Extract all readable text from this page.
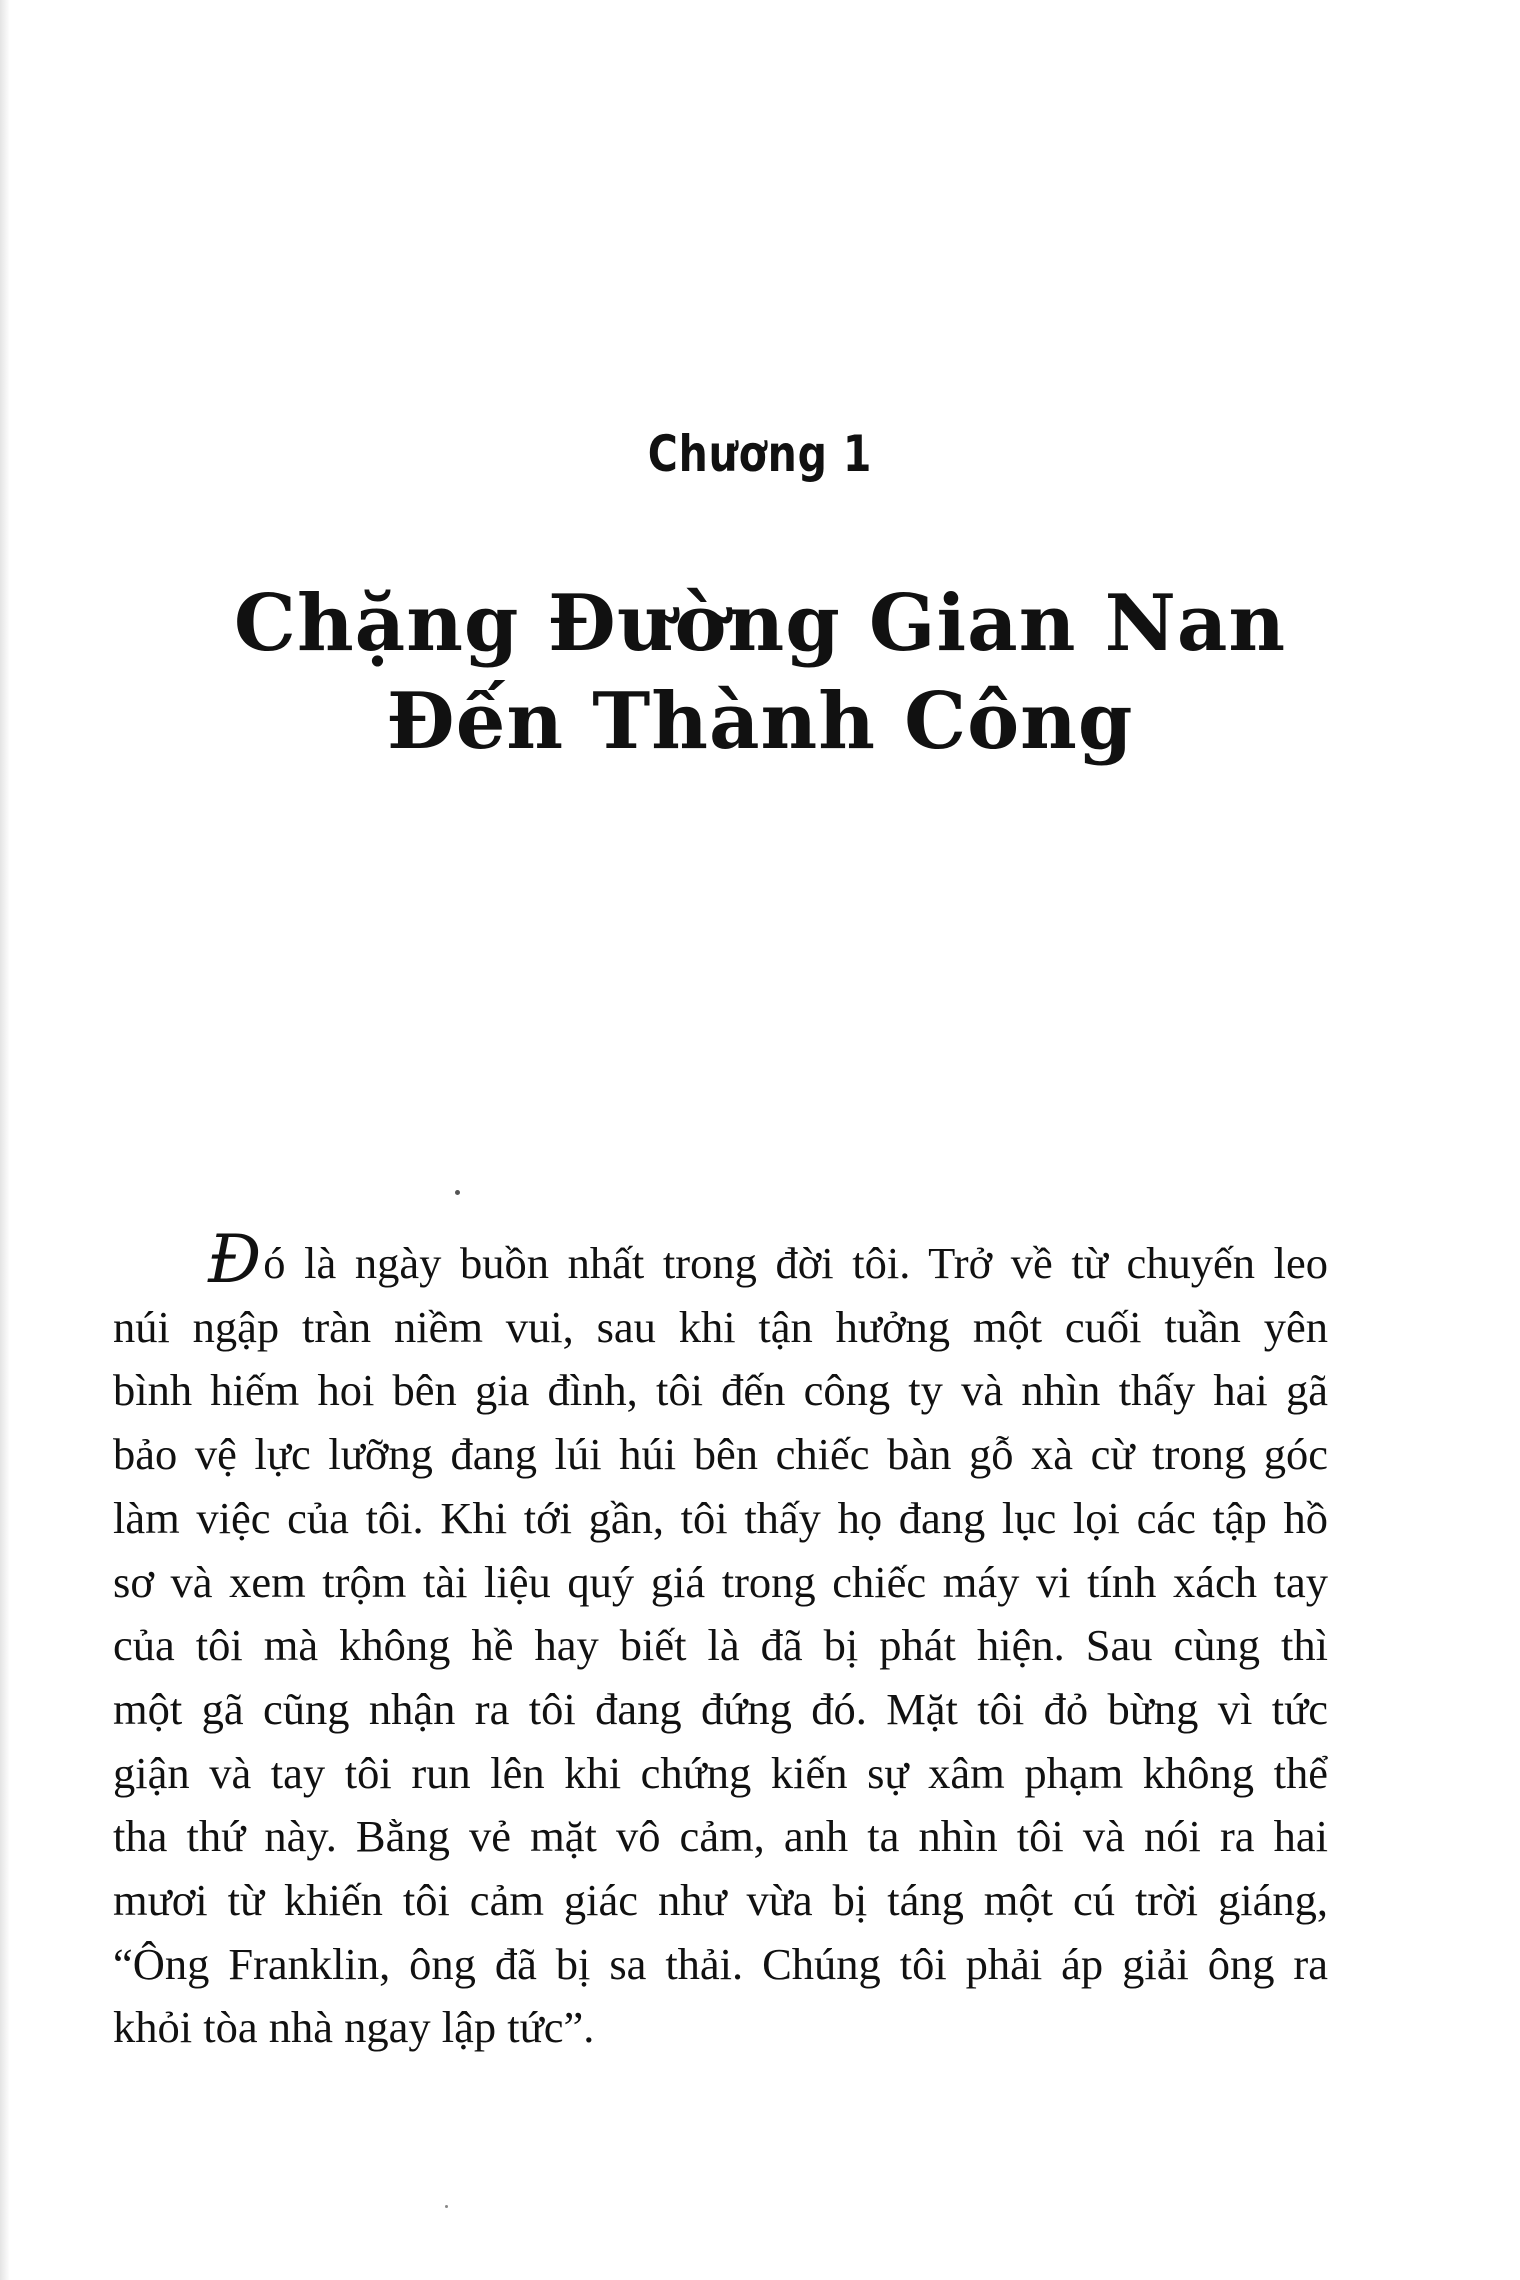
Chương 1
Chặng Đường Gian Nan
Đến Thành Công
Đó là ngày buồn nhất trong đời tôi. Trở về từ chuyến leo
núi ngập tràn niềm vui, sau khi tận hưởng một cuối tuần yên
bình hiếm hoi bên gia đình, tôi đến công ty và nhìn thấy hai gã
bảo vệ lực lưỡng đang lúi húi bên chiếc bàn gỗ xà cừ trong góc
làm việc của tôi. Khi tới gần, tôi thấy họ đang lục lọi các tập hồ
sơ và xem trộm tài liệu quý giá trong chiếc máy vi tính xách tay
của tôi mà không hề hay biết là đã bị phát hiện. Sau cùng thì
một gã cũng nhận ra tôi đang đứng đó. Mặt tôi đỏ bừng vì tức
giận và tay tôi run lên khi chứng kiến sự xâm phạm không thể
tha thứ này. Bằng vẻ mặt vô cảm, anh ta nhìn tôi và nói ra hai
mươi từ khiến tôi cảm giác như vừa bị táng một cú trời giáng,
“Ông Franklin, ông đã bị sa thải. Chúng tôi phải áp giải ông ra
khỏi tòa nhà ngay lập tức”.
